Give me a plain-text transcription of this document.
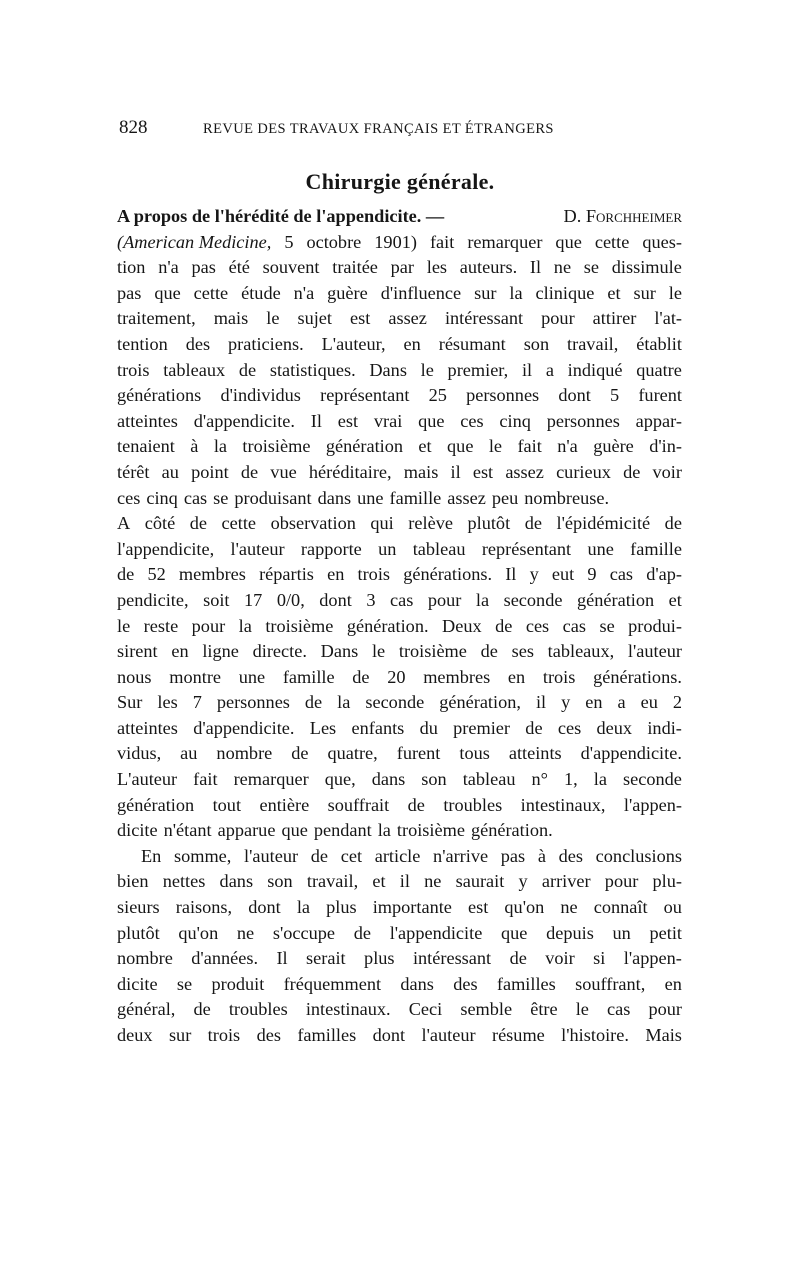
828	REVUE DES TRAVAUX FRANÇAIS ET ÉTRANGERS
Chirurgie générale.
A propos de l'hérédité de l'appendicite. —	D. Forchheimer
(American Medicine, 5 octobre 1901) fait remarquer que cette ques-
tion n'a pas été souvent traitée par les auteurs. Il ne se dissimule
pas que cette étude n'a guère d'influence sur la clinique et sur le
traitement, mais le sujet est assez intéressant pour attirer l'at-
tention des praticiens. L'auteur, en résumant son travail, établit
trois tableaux de statistiques. Dans le premier, il a indiqué quatre
générations d'individus représentant 25 personnes dont 5 furent
atteintes d'appendicite. Il est vrai que ces cinq personnes appar-
tenaient à la troisième génération et que le fait n'a guère d'in-
térêt au point de vue héréditaire, mais il est assez curieux de voir
ces cinq cas se produisant dans une famille assez peu nombreuse.
A côté de cette observation qui relève plutôt de l'épidémicité de
l'appendicite, l'auteur rapporte un tableau représentant une famille
de 52 membres répartis en trois générations. Il y eut 9 cas d'ap-
pendicite, soit 17 0/0, dont 3 cas pour la seconde génération et
le reste pour la troisième génération. Deux de ces cas se produi-
sirent en ligne directe. Dans le troisième de ses tableaux, l'auteur
nous montre une famille de 20 membres en trois générations.
Sur les 7 personnes de la seconde génération, il y en a eu 2
atteintes d'appendicite. Les enfants du premier de ces deux indi-
vidus, au nombre de quatre, furent tous atteints d'appendicite.
L'auteur fait remarquer que, dans son tableau n° 1, la seconde
génération tout entière souffrait de troubles intestinaux, l'appen-
dicite n'étant apparue que pendant la troisième génération.
En somme, l'auteur de cet article n'arrive pas à des conclusions
bien nettes dans son travail, et il ne saurait y arriver pour plu-
sieurs raisons, dont la plus importante est qu'on ne connaît ou
plutôt qu'on ne s'occupe de l'appendicite que depuis un petit
nombre d'années. Il serait plus intéressant de voir si l'appen-
dicite se produit fréquemment dans des familles souffrant, en
général, de troubles intestinaux. Ceci semble être le cas pour
deux sur trois des familles dont l'auteur résume l'histoire. Mais
